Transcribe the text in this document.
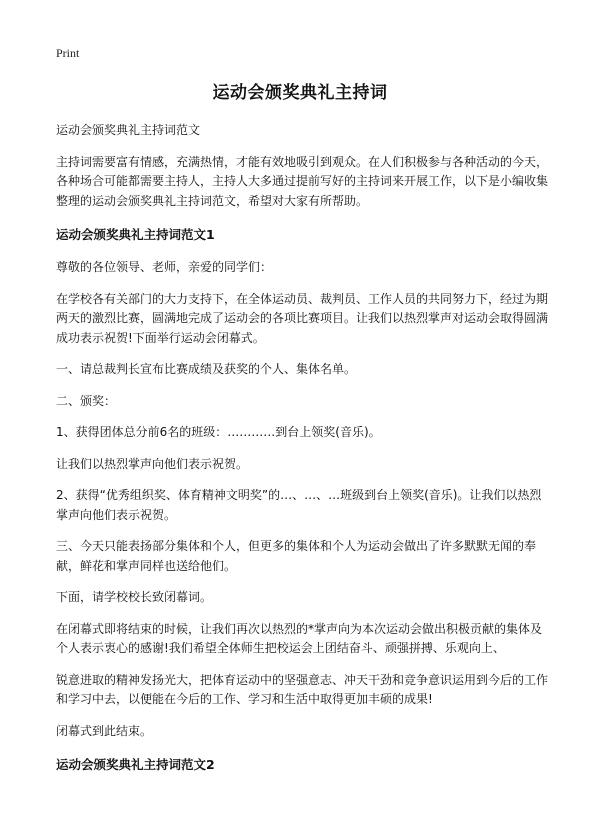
Print
运动会颁奖典礼主持词

运动会颁奖典礼主持词范文

主持词需要富有情感，充满热情，才能有效地吸引到观众。在人们积极参与各种活动的今天，各种场合可能都需要主持人，主持人大多通过提前写好的主持词来开展工作，以下是小编收集整理的运动会颁奖典礼主持词范文，希望对大家有所帮助。

运动会颁奖典礼主持词范文1

尊敬的各位领导、老师，亲爱的同学们：

在学校各有关部门的大力支持下，在全体运动员、裁判员、工作人员的共同努力下，经过为期两天的激烈比赛，圆满地完成了运动会的各项比赛项目。让我们以热烈掌声对运动会取得圆满成功表示祝贺!下面举行运动会闭幕式。

一、请总裁判长宣布比赛成绩及获奖的个人、集体名单。

二、颁奖：

1、获得团体总分前6名的班级：…………到台上领奖(音乐)。

让我们以热烈掌声向他们表示祝贺。

2、获得“优秀组织奖、体育精神文明奖”的…、…、…班级到台上领奖(音乐)。让我们以热烈掌声向他们表示祝贺。

三、今天只能表扬部分集体和个人，但更多的集体和个人为运动会做出了许多默默无闻的奉献，鲜花和掌声同样也送给他们。

下面，请学校校长致闭幕词。

在闭幕式即将结束的时候，让我们再次以热烈的*掌声向为本次运动会做出积极贡献的集体及个人表示衷心的感谢!我们希望全体师生把校运会上团结奋斗、顽强拼搏、乐观向上、

锐意进取的精神发扬光大，把体育运动中的坚强意志、冲天干劲和竞争意识运用到今后的工作和学习中去，以便能在今后的工作、学习和生活中取得更加丰硕的成果!

闭幕式到此结束。

运动会颁奖典礼主持词范文2
